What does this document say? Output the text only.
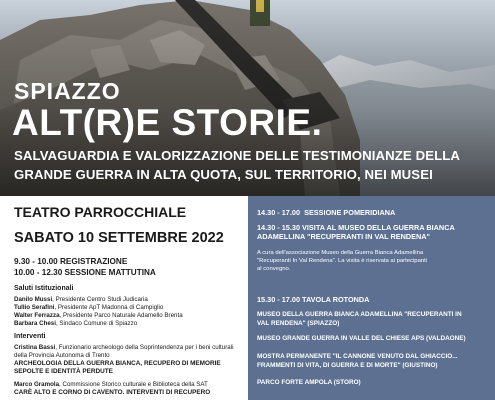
SPIAZZO
ALT(R)E STORIE.
SALVAGUARDIA E VALORIZZAZIONE DELLE TESTIMONIANZE DELLA
GRANDE GUERRA IN ALTA QUOTA, SUL TERRITORIO, NEI MUSEI
TEATRO PARROCCHIALE
SABATO 10 SETTEMBRE 2022
9.30 - 10.00 REGISTRAZIONE
10.00 - 12.30 SESSIONE MATTUTINA
Saluti Istituzionali
Danilo Mussi, Presidente Centro Studi Judicaria
Tullio Serafini, Presidente ApT Madonna di Campiglio
Walter Ferrazza, Presidente Parco Naturale Adamello Brenta
Barbara Chesi, Sindaco Comune di Spiazzo
Interventi
Cristina Bassi, Funzionario archeologo della Soprintendenza per i beni culturali della Provincia Autonoma di Trento
ARCHEOLOGIA DELLA GUERRA BIANCA, RECUPERO DI MEMORIE SEPOLTE E IDENTITÀ PERDUTE
Marco Gramola, Commissione Storico culturale e Biblioteca della SAT
CARÈ ALTO E CORNO DI CAVENTO. INTERVENTI DI RECUPERO
14.30 - 17.00 SESSIONE POMERIDIANA
14.30 - 15.30 VISITA AL MUSEO DELLA GUERRA BIANCA
ADAMELLINA "RECUPERANTI IN VAL RENDENA"
A cura dell'associazione Museo della Guerra Bianca Adamellina
"Recuperanti In Val Rendena". La visita è riservata ai partecipanti
al convegno.
15.30 - 17.00 TAVOLA ROTONDA
MUSEO DELLA GUERRA BIANCA ADAMELLINA "RECUPERANTI IN
VAL RENDENA" (SPIAZZO)
MUSEO GRANDE GUERRA IN VALLE DEL CHIESE APS (VALDAONE)
MOSTRA PERMANENTE "IL CANNONE VENUTO DAL GHIACCIO...
FRAMMENTI DI VITA, DI GUERRA E DI MORTE" (GIUSTINO)
PARCO FORTE AMPOLA (STORO)
